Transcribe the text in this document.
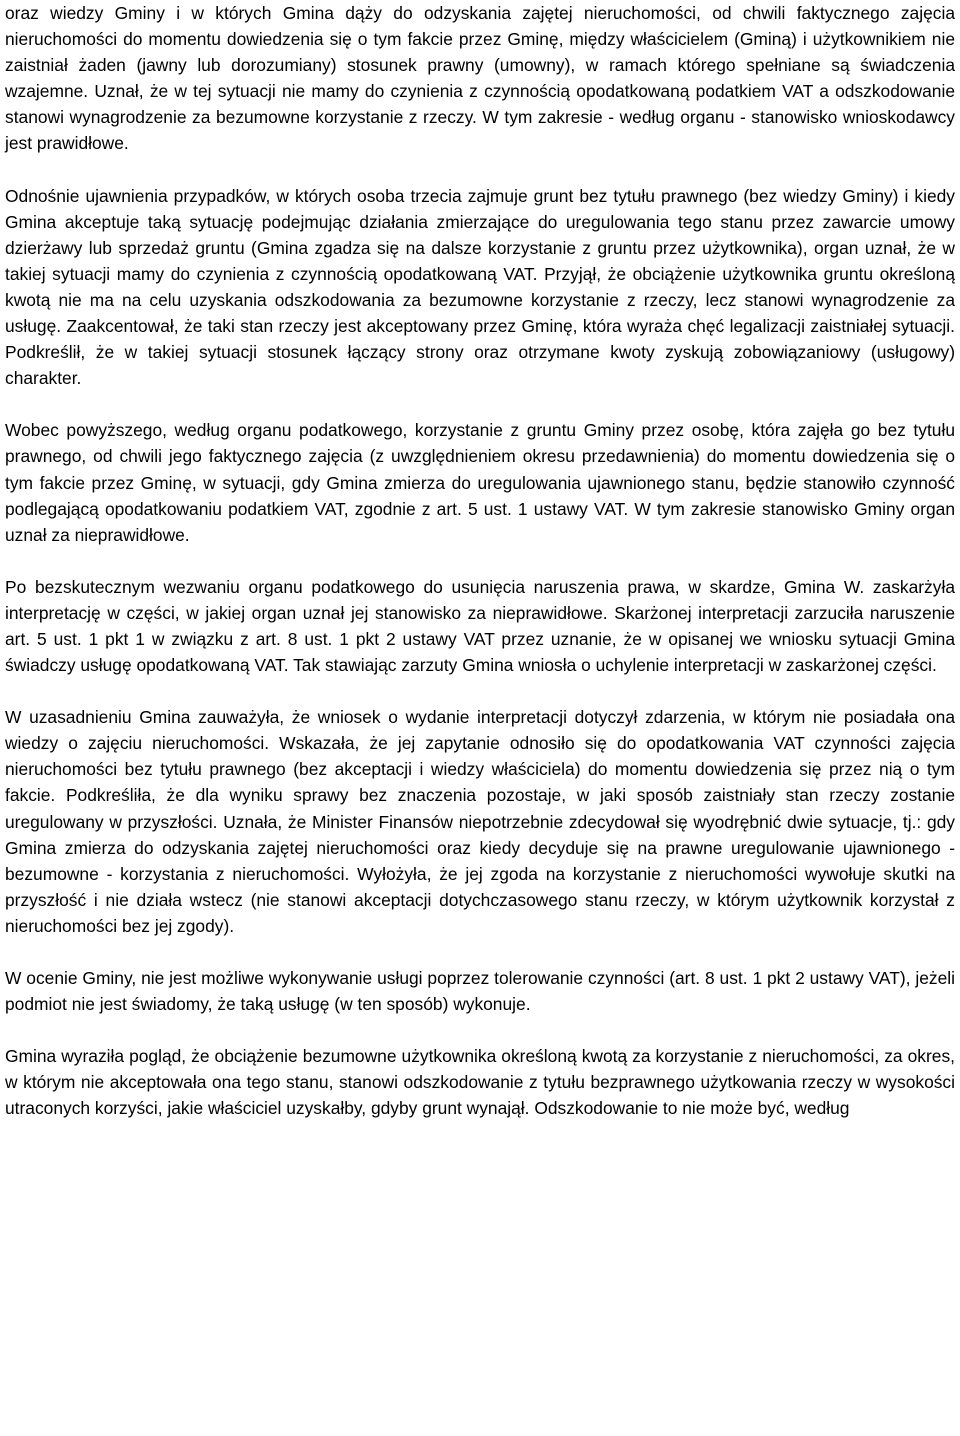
oraz wiedzy Gminy i w których Gmina dąży do odzyskania zajętej nieruchomości, od chwili faktycznego zajęcia nieruchomości do momentu dowiedzenia się o tym fakcie przez Gminę, między właścicielem (Gminą) i użytkownikiem nie zaistniał żaden (jawny lub dorozumiany) stosunek prawny (umowny), w ramach którego spełniane są świadczenia wzajemne. Uznał, że w tej sytuacji nie mamy do czynienia z czynnością opodatkowaną podatkiem VAT a odszkodowanie stanowi wynagrodzenie za bezumowne korzystanie z rzeczy. W tym zakresie - według organu - stanowisko wnioskodawcy jest prawidłowe.

Odnośnie ujawnienia przypadków, w których osoba trzecia zajmuje grunt bez tytułu prawnego (bez wiedzy Gminy) i kiedy Gmina akceptuje taką sytuację podejmując działania zmierzające do uregulowania tego stanu przez zawarcie umowy dzierżawy lub sprzedaż gruntu (Gmina zgadza się na dalsze korzystanie z gruntu przez użytkownika), organ uznał, że w takiej sytuacji mamy do czynienia z czynnością opodatkowaną VAT. Przyjął, że obciążenie użytkownika gruntu określoną kwotą nie ma na celu uzyskania odszkodowania za bezumowne korzystanie z rzeczy, lecz stanowi wynagrodzenie za usługę. Zaakcentował, że taki stan rzeczy jest akceptowany przez Gminę, która wyraża chęć legalizacji zaistniałej sytuacji. Podkreślił, że w takiej sytuacji stosunek łączący strony oraz otrzymane kwoty zyskują zobowiązaniowy (usługowy) charakter.

Wobec powyższego, według organu podatkowego, korzystanie z gruntu Gminy przez osobę, która zajęła go bez tytułu prawnego, od chwili jego faktycznego zajęcia (z uwzględnieniem okresu przedawnienia) do momentu dowiedzenia się o tym fakcie przez Gminę, w sytuacji, gdy Gmina zmierza do uregulowania ujawnionego stanu, będzie stanowiło czynność podlegającą opodatkowaniu podatkiem VAT, zgodnie z art. 5 ust. 1 ustawy VAT. W tym zakresie stanowisko Gminy organ uznał za nieprawidłowe.

Po bezskutecznym wezwaniu organu podatkowego do usunięcia naruszenia prawa, w skardze, Gmina W. zaskarżyła interpretację w części, w jakiej organ uznał jej stanowisko za nieprawidłowe. Skarżonej interpretacji zarzuciła naruszenie art. 5 ust. 1 pkt 1 w związku z art. 8 ust. 1 pkt 2 ustawy VAT przez uznanie, że w opisanej we wniosku sytuacji Gmina świadczy usługę opodatkowaną VAT. Tak stawiając zarzuty Gmina wniosła o uchylenie interpretacji w zaskarżonej części.

W uzasadnieniu Gmina zauważyła, że wniosek o wydanie interpretacji dotyczył zdarzenia, w którym nie posiadała ona wiedzy o zajęciu nieruchomości. Wskazała, że jej zapytanie odnosiło się do opodatkowania VAT czynności zajęcia nieruchomości bez tytułu prawnego (bez akceptacji i wiedzy właściciela) do momentu dowiedzenia się przez nią o tym fakcie. Podkreśliła, że dla wyniku sprawy bez znaczenia pozostaje, w jaki sposób zaistniały stan rzeczy zostanie uregulowany w przyszłości. Uznała, że Minister Finansów niepotrzebnie zdecydował się wyodrębnić dwie sytuacje, tj.: gdy Gmina zmierza do odzyskania zajętej nieruchomości oraz kiedy decyduje się na prawne uregulowanie ujawnionego - bezumowne - korzystania z nieruchomości. Wyłożyła, że jej zgoda na korzystanie z nieruchomości wywołuje skutki na przyszłość i nie działa wstecz (nie stanowi akceptacji dotychczasowego stanu rzeczy, w którym użytkownik korzystał z nieruchomości bez jej zgody).

W ocenie Gminy, nie jest możliwe wykonywanie usługi poprzez tolerowanie czynności (art. 8 ust. 1 pkt 2 ustawy VAT), jeżeli podmiot nie jest świadomy, że taką usługę (w ten sposób) wykonuje.

Gmina wyraziła pogląd, że obciążenie bezumowne użytkownika określoną kwotą za korzystanie z nieruchomości, za okres, w którym nie akceptowała ona tego stanu, stanowi odszkodowanie z tytułu bezprawnego użytkowania rzeczy w wysokości utraconych korzyści, jakie właściciel uzyskałby, gdyby grunt wynajął. Odszkodowanie to nie może być, według
